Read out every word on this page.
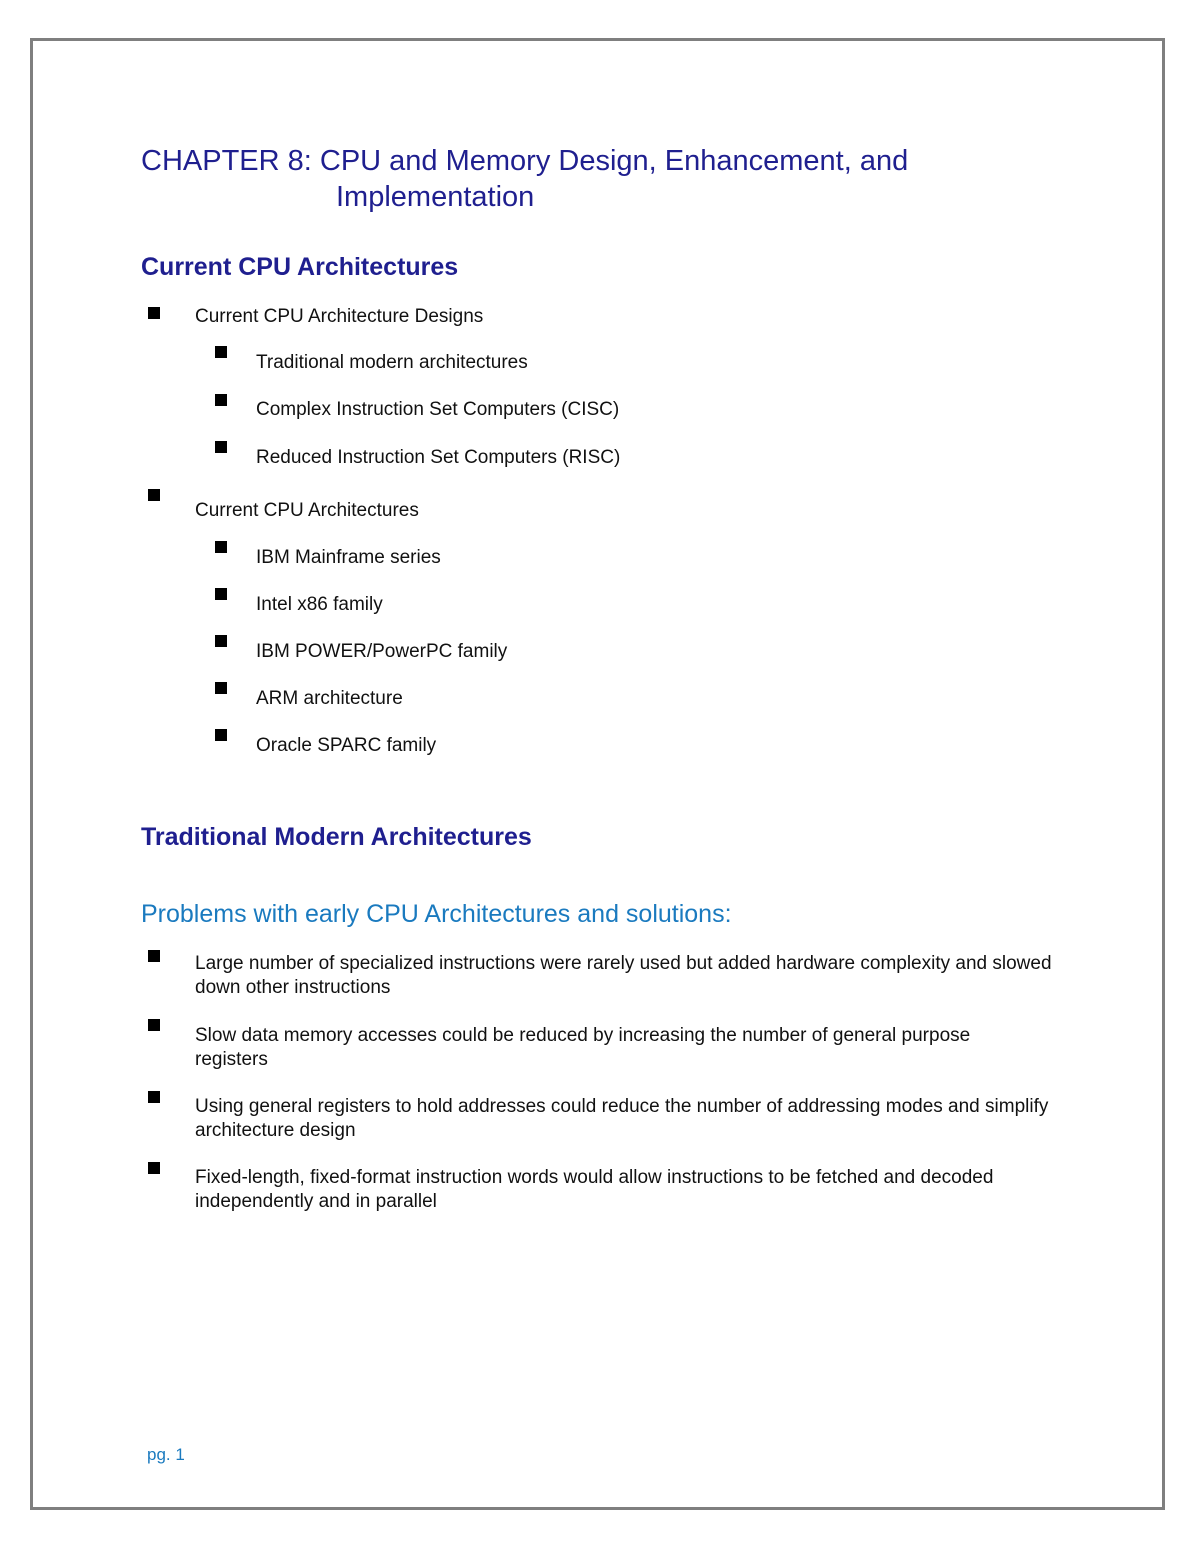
CHAPTER 8: CPU and Memory Design, Enhancement, and
Implementation
Current CPU Architectures
Current CPU Architecture Designs
Traditional modern architectures
Complex Instruction Set Computers (CISC)
Reduced Instruction Set Computers (RISC)
Current CPU Architectures
IBM Mainframe series
Intel x86 family
IBM POWER/PowerPC family
ARM architecture
Oracle SPARC family
Traditional Modern Architectures
Problems with early CPU Architectures and solutions:
Large number of specialized instructions were rarely used but added hardware complexity and slowed down other instructions
Slow data memory accesses could be reduced by increasing the number of general purpose registers
Using general registers to hold addresses could reduce the number of addressing modes and simplify architecture design
Fixed-length, fixed-format instruction words would allow instructions to be fetched and decoded independently and in parallel
pg. 1
